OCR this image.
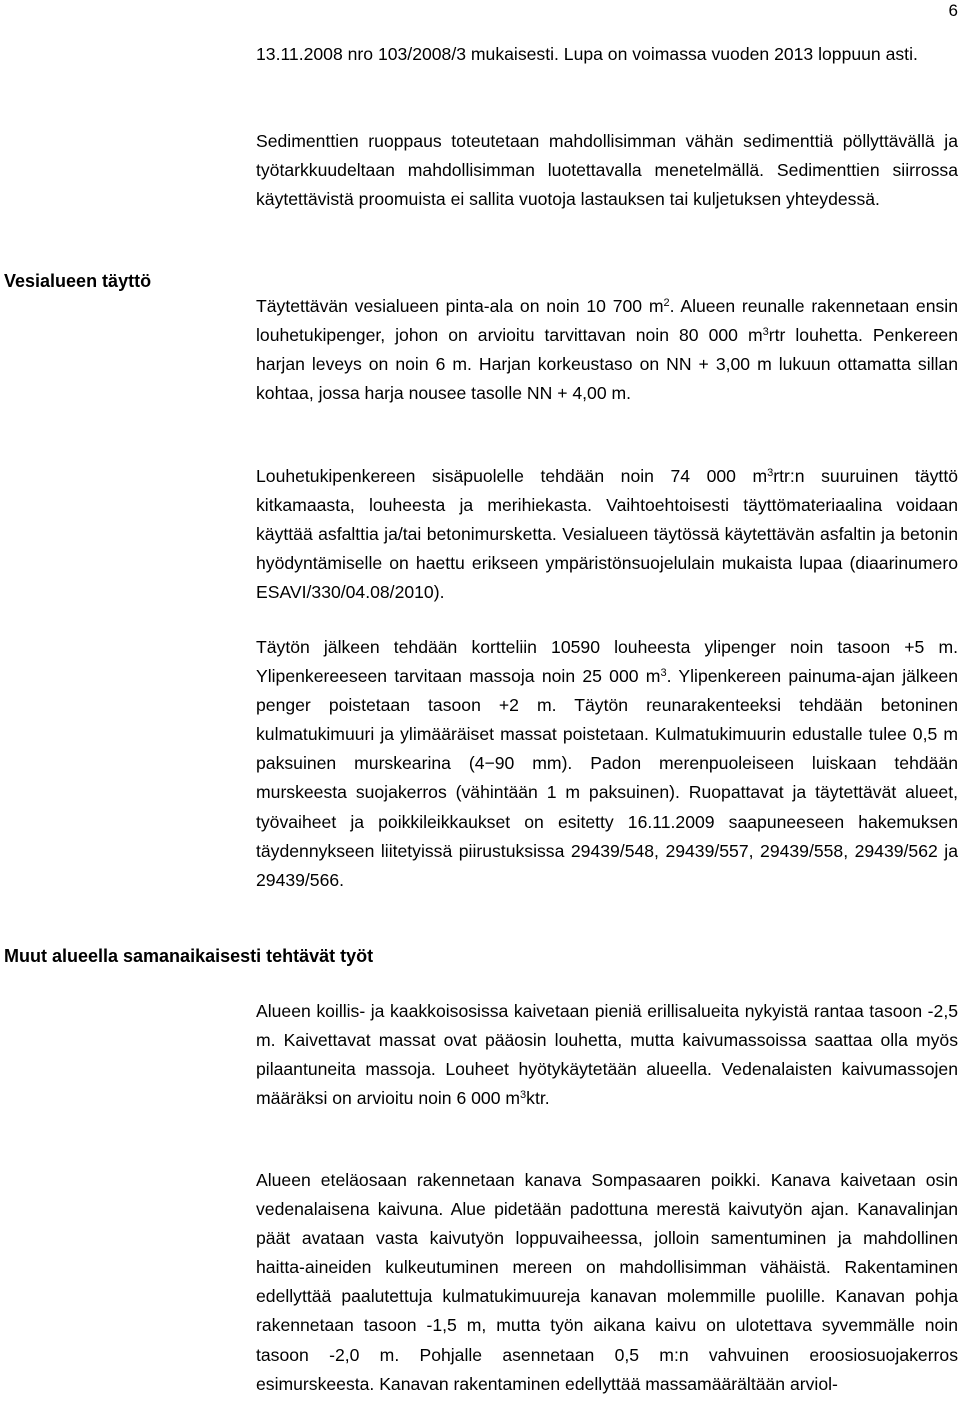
6

13.11.2008 nro 103/2008/3 mukaisesti. Lupa on voimassa vuoden 2013 loppuun asti.

Sedimenttien ruoppaus toteutetaan mahdollisimman vähän sedimenttiä pöllyttävällä ja työtarkkuudeltaan mahdollisimman luotettavalla menetelmällä. Sedimenttien siirrossa käytettävistä proomuista ei sallita vuotoja lastauksen tai kuljetuksen yhteydessä.

Vesialueen täyttö

Täytettävän vesialueen pinta-ala on noin 10 700 $m^2$. Alueen reunalle rakennetaan ensin louhetukipenger, johon on arvioitu tarvittavan noin 80 000 $m^3rtr$ louhetta. Penkereen harjan leveys on noin 6 m. Harjan korkeustaso on NN + 3,00 m lukuun ottamatta sillan kohtaa, jossa harja nousee tasolle NN + 4,00 m.

Louhetukipenkereen sisäpuolelle tehdään noin 74 000 $m^3rtr:n$ suuruinen täyttö kitkamaasta, louheesta ja merihiekasta. Vaihtoehtoisesti täyttömateriaalina voidaan käyttää asfalttia ja/tai betonimursketta. Vesialueen täytössä käytettävän asfaltin ja betonin hyödyntämiselle on haettu erikseen ympäristönsuojelulain mukaista lupaa (diaarinumero ESAVI/330/04.08/2010).

Täytön jälkeen tehdään kortteliin 10590 louheesta ylipenger noin tasoon +5 m. Ylipenkereeseen tarvitaan massoja noin 25 000 $m^3$. Ylipenkereen painuma-ajan jälkeen penger poistetaan tasoon +2 m. Täytön reunarakenteeksi tehdään betoninen kulmatukimuuri ja ylimääräiset massat poistetaan. Kulmatukimuurin edustalle tulee 0,5 m paksuinen murskearina (4−90 mm). Padon merenpuoleiseen luiskaan tehdään murskeesta suojakerros (vähintään 1 m paksuinen). Ruopattavat ja täytettävät alueet, työvaiheet ja poikkileikkaukset on esitetty 16.11.2009 saapuneeseen hakemuksen täydennykseen liitetyissä piirustuksissa 29439/548, 29439/557, 29439/558, 29439/562 ja 29439/566.

Muut alueella samanaikaisesti tehtävät työt

Alueen koillis- ja kaakkoisosissa kaivetaan pieniä erillisalueita nykyistä rantaa tasoon -2,5 m. Kaivettavat massat ovat pääosin louhetta, mutta kaivumassoissa saattaa olla myös pilaantuneita massoja. Louheet hyötykäytetään alueella. Vedenalaisten kaivumassojen määräksi on arvioitu noin 6 000 $m^3ktr$.

Alueen eteläosaan rakennetaan kanava Sompasaaren poikki. Kanava kaivetaan osin vedenalaisena kaivuna. Alue pidetään padottuna merestä kaivutyön ajan. Kanavalinjan päät avataan vasta kaivutyön loppuvaiheessa, jolloin samentuminen ja mahdollinen haitta-aineiden kulkeutuminen mereen on mahdollisimman vähäistä. Rakentaminen edellyttää paalutettuja kulmatukimuureja kanavan molemmille puolille. Kanavan pohja rakennetaan tasoon -1,5 m, mutta työn aikana kaivu on ulotettava syvemmälle noin tasoon -2,0 m. Pohjalle asennetaan 0,5 m:n vahvuinen eroosiosuojakerros esimurskeesta. Kanavan rakentaminen edellyttää massamäärältään arviol-
